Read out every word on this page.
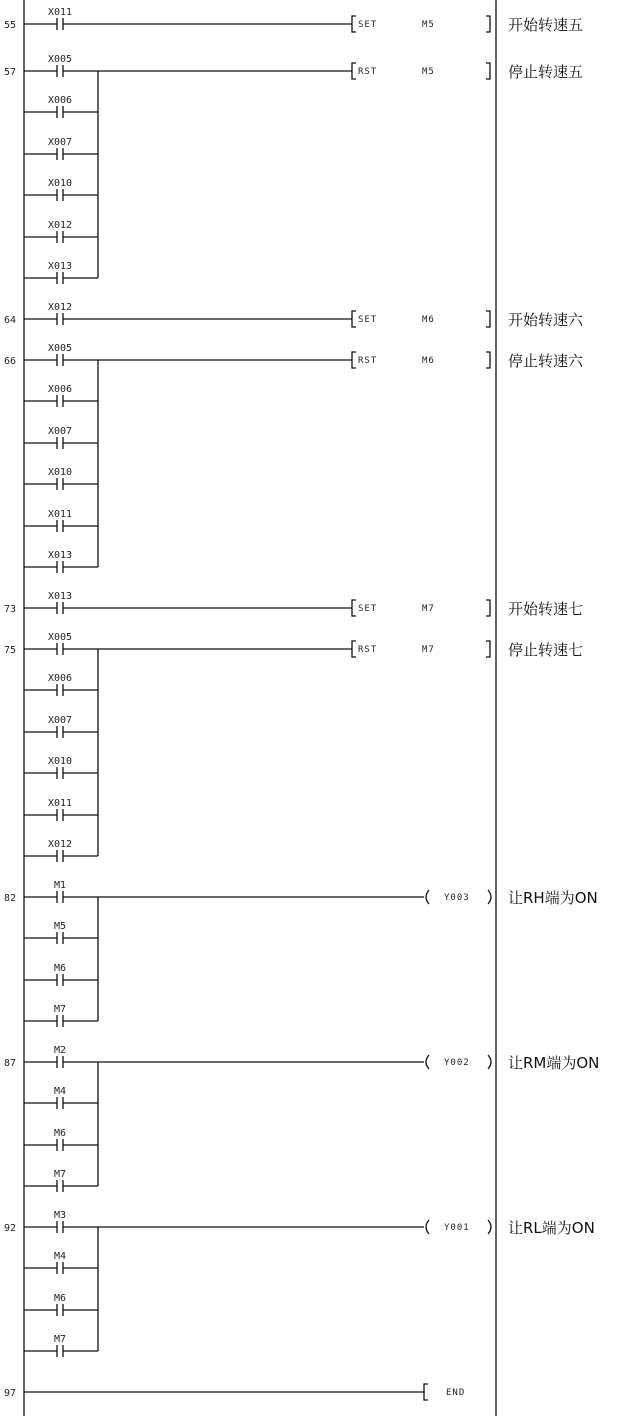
55
X011
SET	M5	开始转速五
57
X005
X006
X007
X010
X012
X013
RST	M5	停止转速五
64
X012
SET	M6	开始转速六
66
X005
X006
X007
X010
X011
X013
RST	M6	停止转速六
73
X013
SET	M7	开始转速七
75
X005
X006
X007
X010
X011
X012
RST	M7	停止转速七
82
M1
M5
M6
M7
Y003	让RH端为ON
87
M2
M4
M6
M7
Y002	让RM端为ON
92
M3
M4
M6
M7
Y001	让RL端为ON
97	END
